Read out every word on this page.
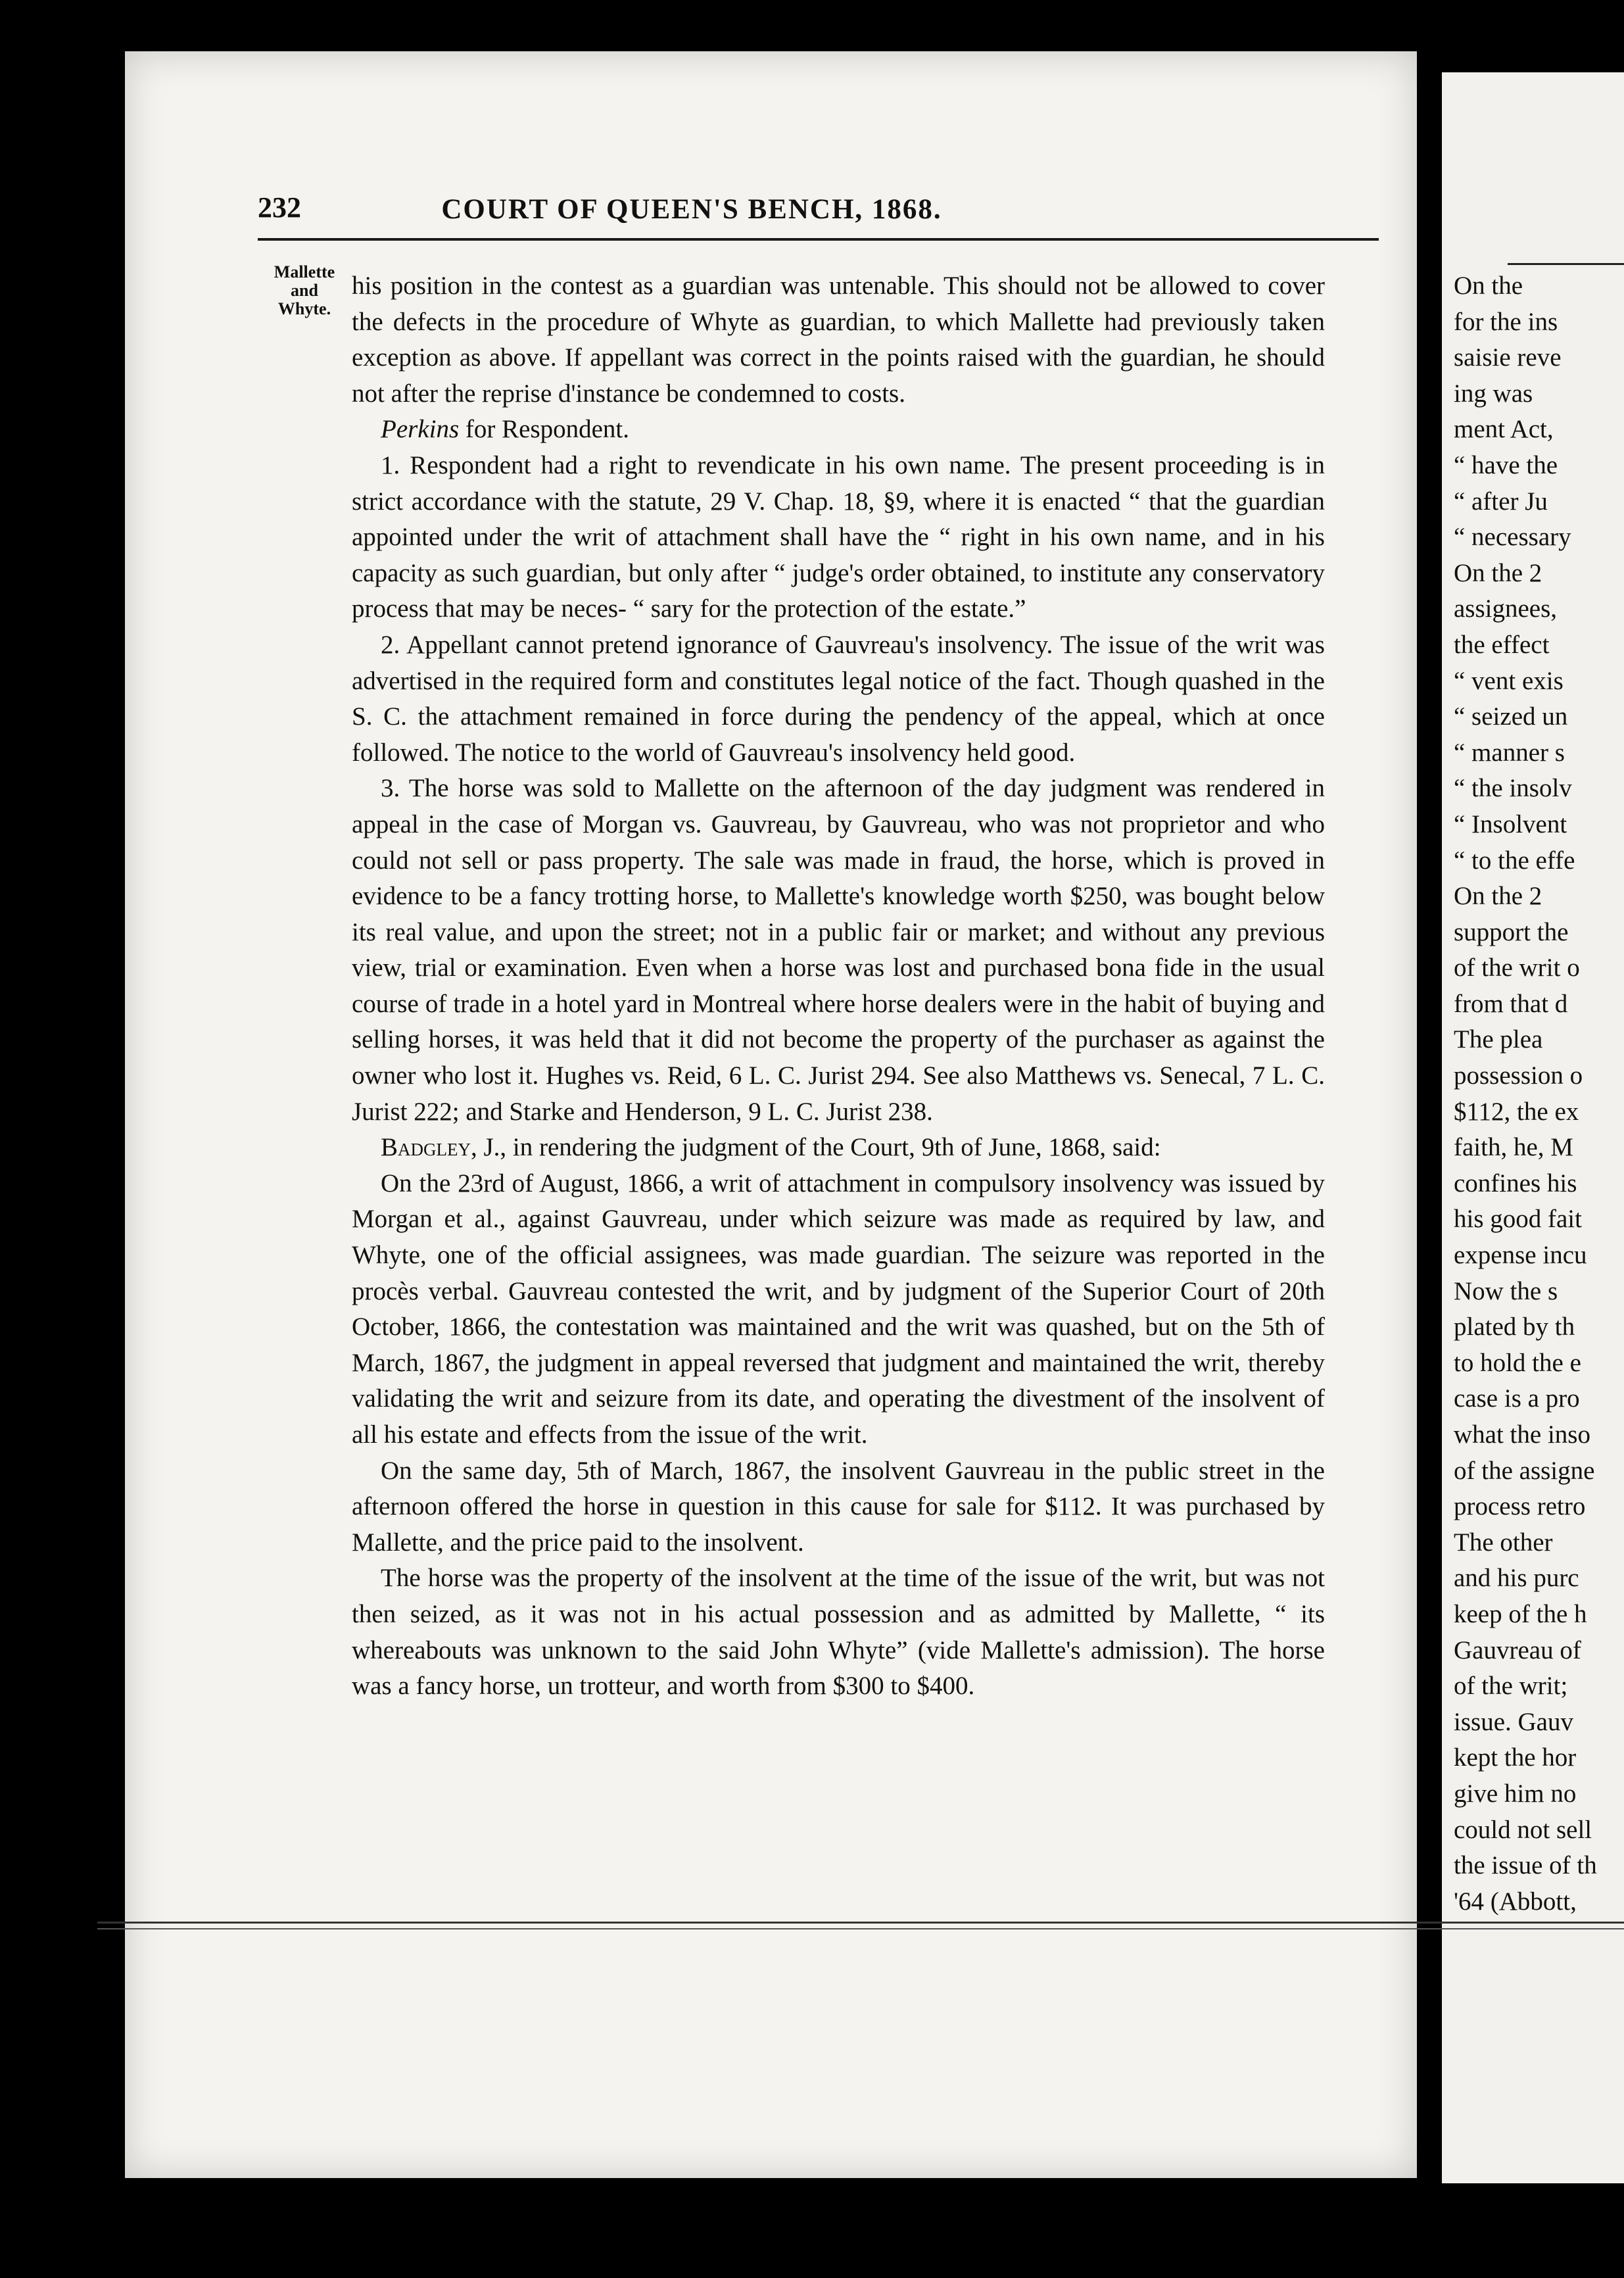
On the
for the ins
saisie reve
ing was
ment Act,
“ have the
“ after Ju
“ necessary
On the 2
assignees,
the effect
“ vent exis
“ seized un
“ manner s
“ the insolv
“ Insolvent
“ to the effe
On the 2
support the
of the writ o
from that d
The plea
possession o
$112, the ex
faith, he, M
confines his
his good fait
expense incu
Now the s
plated by th
to hold the e
case is a pro
what the inso
of the assigne
process retro
The other
and his purc
keep of the h
Gauvreau of
of the writ;
issue. Gauv
kept the hor
give him no
could not sell
the issue of th
'64 (Abbott,
232	COURT OF QUEEN'S BENCH, 1868.
Mallette
and
Whyte.

his position in the contest as a guardian was untenable. This should not be allowed to cover the defects in the procedure of Whyte as guardian, to which Mallette had previously taken exception as above. If appellant was correct in the points raised with the guardian, he should not after the reprise d'instance be condemned to costs.

Perkins for Respondent.

1. Respondent had a right to revendicate in his own name. The present proceeding is in strict accordance with the statute, 29 V. Chap. 18, §9, where it is enacted “ that the guardian appointed under the writ of attachment shall have the “ right in his own name, and in his capacity as such guardian, but only after “ judge's order obtained, to institute any conservatory process that may be neces- “ sary for the protection of the estate.”

2. Appellant cannot pretend ignorance of Gauvreau's insolvency. The issue of the writ was advertised in the required form and constitutes legal notice of the fact. Though quashed in the S. C. the attachment remained in force during the pendency of the appeal, which at once followed. The notice to the world of Gauvreau's insolvency held good.

3. The horse was sold to Mallette on the afternoon of the day judgment was rendered in appeal in the case of Morgan vs. Gauvreau, by Gauvreau, who was not proprietor and who could not sell or pass property. The sale was made in fraud, the horse, which is proved in evidence to be a fancy trotting horse, to Mallette's knowledge worth $250, was bought below its real value, and upon the street; not in a public fair or market; and without any previous view, trial or examination. Even when a horse was lost and purchased bona fide in the usual course of trade in a hotel yard in Montreal where horse dealers were in the habit of buying and selling horses, it was held that it did not become the property of the purchaser as against the owner who lost it. Hughes vs. Reid, 6 L. C. Jurist 294. See also Matthews vs. Senecal, 7 L. C. Jurist 222; and Starke and Henderson, 9 L. C. Jurist 238.

Badgley, J., in rendering the judgment of the Court, 9th of June, 1868, said:

On the 23rd of August, 1866, a writ of attachment in compulsory insolvency was issued by Morgan et al., against Gauvreau, under which seizure was made as required by law, and Whyte, one of the official assignees, was made guardian. The seizure was reported in the procès verbal. Gauvreau contested the writ, and by judgment of the Superior Court of 20th October, 1866, the contestation was maintained and the writ was quashed, but on the 5th of March, 1867, the judgment in appeal reversed that judgment and maintained the writ, thereby validating the writ and seizure from its date, and operating the divestment of the insolvent of all his estate and effects from the issue of the writ.

On the same day, 5th of March, 1867, the insolvent Gauvreau in the public street in the afternoon offered the horse in question in this cause for sale for $112. It was purchased by Mallette, and the price paid to the insolvent.

The horse was the property of the insolvent at the time of the issue of the writ, but was not then seized, as it was not in his actual possession and as admitted by Mallette, “ its whereabouts was unknown to the said John Whyte” (vide Mallette's admission). The horse was a fancy horse, un trotteur, and worth from $300 to $400.
